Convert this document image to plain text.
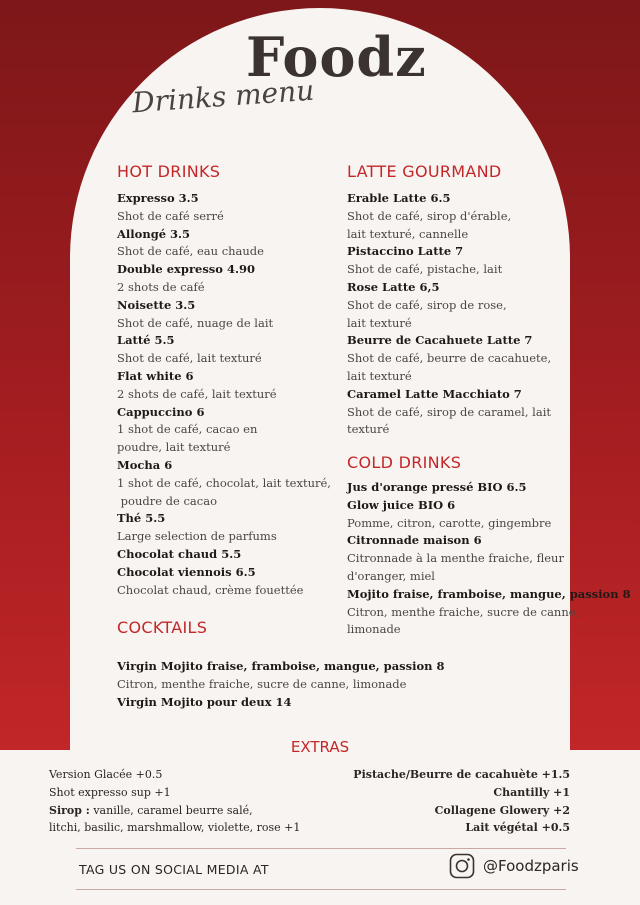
Foodz
Drinks menu
HOT DRINKS
Expresso 3.5
Shot de café serré
Allongé 3.5
Shot de café, eau chaude
Double expresso 4.90
2 shots de café
Noisette 3.5
Shot de café, nuage de lait
Latté 5.5
Shot de café, lait texturé
Flat white 6
2 shots de café, lait texturé
Cappuccino 6
1 shot de café, cacao en
poudre, lait texturé
Mocha 6
1 shot de café, chocolat, lait texturé,
poudre de cacao
Thé 5.5
Large selection de parfums
Chocolat chaud 5.5
Chocolat viennois 6.5
Chocolat chaud, crème fouettée
LATTE GOURMAND
Erable Latte 6.5
Shot de café, sirop d'érable,
lait texturé, cannelle
Pistaccino Latte 7
Shot de café, pistache, lait
Rose Latte 6,5
Shot de café, sirop de rose,
lait texturé
Beurre de Cacahuete Latte 7
Shot de café, beurre de cacahuete,
lait texturé
Caramel Latte Macchiato 7
Shot de café, sirop de caramel, lait
texturé
COLD DRINKS
Jus d'orange pressé BIO 6.5
Glow juice BIO 6
Pomme, citron, carotte, gingembre
Citronnade maison 6
Citronnade à la menthe fraiche, fleur
d'oranger, miel
Mojito fraise, framboise, mangue, passion 8
Citron, menthe fraiche, sucre de canne,
limonade
COCKTAILS
Virgin Mojito fraise, framboise, mangue, passion 8
Citron, menthe fraiche, sucre de canne, limonade
Virgin Mojito pour deux 14
EXTRAS
Version Glacée +0.5
Shot expresso sup +1
Sirop : vanille, caramel beurre salé,
litchi, basilic, marshmallow, violette, rose +1
Pistache/Beurre de cacahuète +1.5
Chantilly +1
Collagene Glowery +2
Lait végétal +0.5
TAG US ON SOCIAL MEDIA AT	@Foodzparis
